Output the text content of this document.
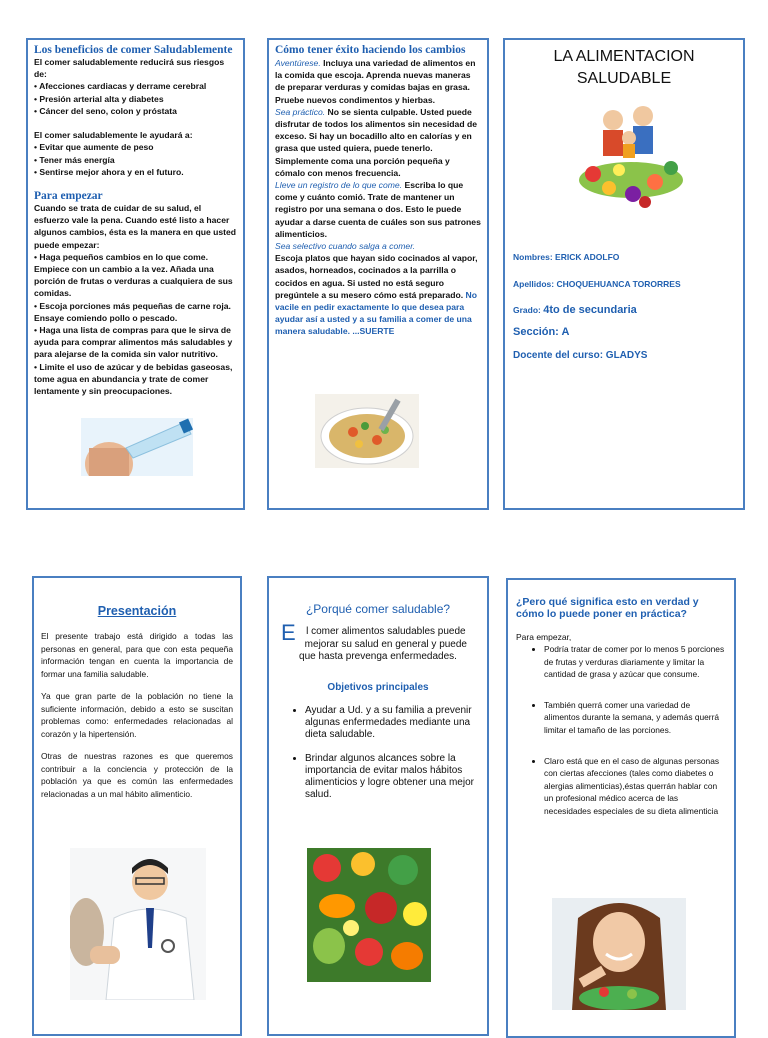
Los beneficios de comer Saludablemente

El comer saludablemente reducirá sus riesgos de:

• Afecciones cardiacas y derrame cerebral

• Presión arterial alta y diabetes

• Cáncer del seno, colon y próstata

El comer saludablemente le ayudará a:

• Evitar que aumente de peso

• Tener más energía

• Sentirse mejor ahora y en el futuro.

Para empezar

Cuando se trata de cuidar de su salud, el esfuerzo vale la pena. Cuando esté listo a hacer algunos cambios, ésta es la manera en que usted puede empezar:

• Haga pequeños cambios en lo que come. Empiece con un cambio a la vez. Añada una porción de frutas o verduras a cualquiera de sus comidas.

• Escoja porciones más pequeñas de carne roja. Ensaye comiendo pollo o pescado.

• Haga una lista de compras para que le sirva de ayuda para comprar alimentos más saludables y para alejarse de la comida sin valor nutritivo.

• Limite el uso de azúcar y de bebidas gaseosas, tome agua en abundancia y trate de comer lentamente y sin preocupaciones.

Cómo tener éxito haciendo los cambios

Aventúrese. Incluya una variedad de alimentos en la comida que escoja. Aprenda nuevas maneras de preparar verduras y comidas bajas en grasa. Pruebe nuevos condimentos y hierbas.

Sea práctico. No se sienta culpable. Usted puede disfrutar de todos los alimentos sin necesidad de exceso. Si hay un bocadillo alto en calorías y en grasa que usted quiera, puede tenerlo. Simplemente coma una porción pequeña y cómalo con menos frecuencia.

Lleve un registro de lo que come. Escriba lo que come y cuánto comió. Trate de mantener un registro por una semana o dos. Esto le puede ayudar a darse cuenta de cuáles son sus patrones alimenticios.

Sea selectivo cuando salga a comer.

Escoja platos que hayan sido cocinados al vapor, asados, horneados, cocinados a la parrilla o cocidos en agua. Si usted no está seguro pregúntele a su mesero cómo está preparado. No vacile en pedir exactamente lo que desea para ayudar así a usted y a su familia a comer de una manera saludable. ...SUERTE

LA ALIMENTACION SALUDABLE
Nombres: ERICK ADOLFO
Apellidos: CHOQUEHUANCA TORORRES
Grado: 4to de secundaria
Sección: A
Docente del curso: GLADYS
Presentación

El presente trabajo está dirigido a todas las personas en general, para que con esta pequeña información tengan en cuenta la importancia de formar una familia saludable.

Ya que gran parte de la población no tiene la suficiente información, debido a esto se suscitan problemas como: enfermedades relacionadas al corazón y la hipertensión.

Otras de nuestras razones es que queremos contribuir a la conciencia y protección de la población ya que es común las enfermedades relacionadas a un mal hábito alimenticio.

¿Porqué comer saludable?
E l comer alimentos saludables puede mejorar su salud en general y puede que hasta prevenga enfermedades.
Objetivos principales
• Ayudar a Ud. y a su familia a prevenir algunas enfermedades mediante una dieta saludable.
• Brindar algunos alcances sobre la importancia de evitar malos hábitos alimenticios y logre obtener una mejor salud.
¿Pero qué significa esto en verdad y cómo lo puede poner en práctica?
Para empezar,
• Podría tratar de comer por lo menos 5 porciones de frutas y verduras diariamente y limitar la cantidad de grasa y azúcar que consume.
• También querrá comer una variedad de alimentos durante la semana, y además querrá limitar el tamaño de las porciones.
• Claro está que en el caso de algunas personas con ciertas afecciones (tales como diabetes o alergias alimenticias),éstas querrán hablar con un profesional médico acerca de las necesidades especiales de su dieta alimenticia
